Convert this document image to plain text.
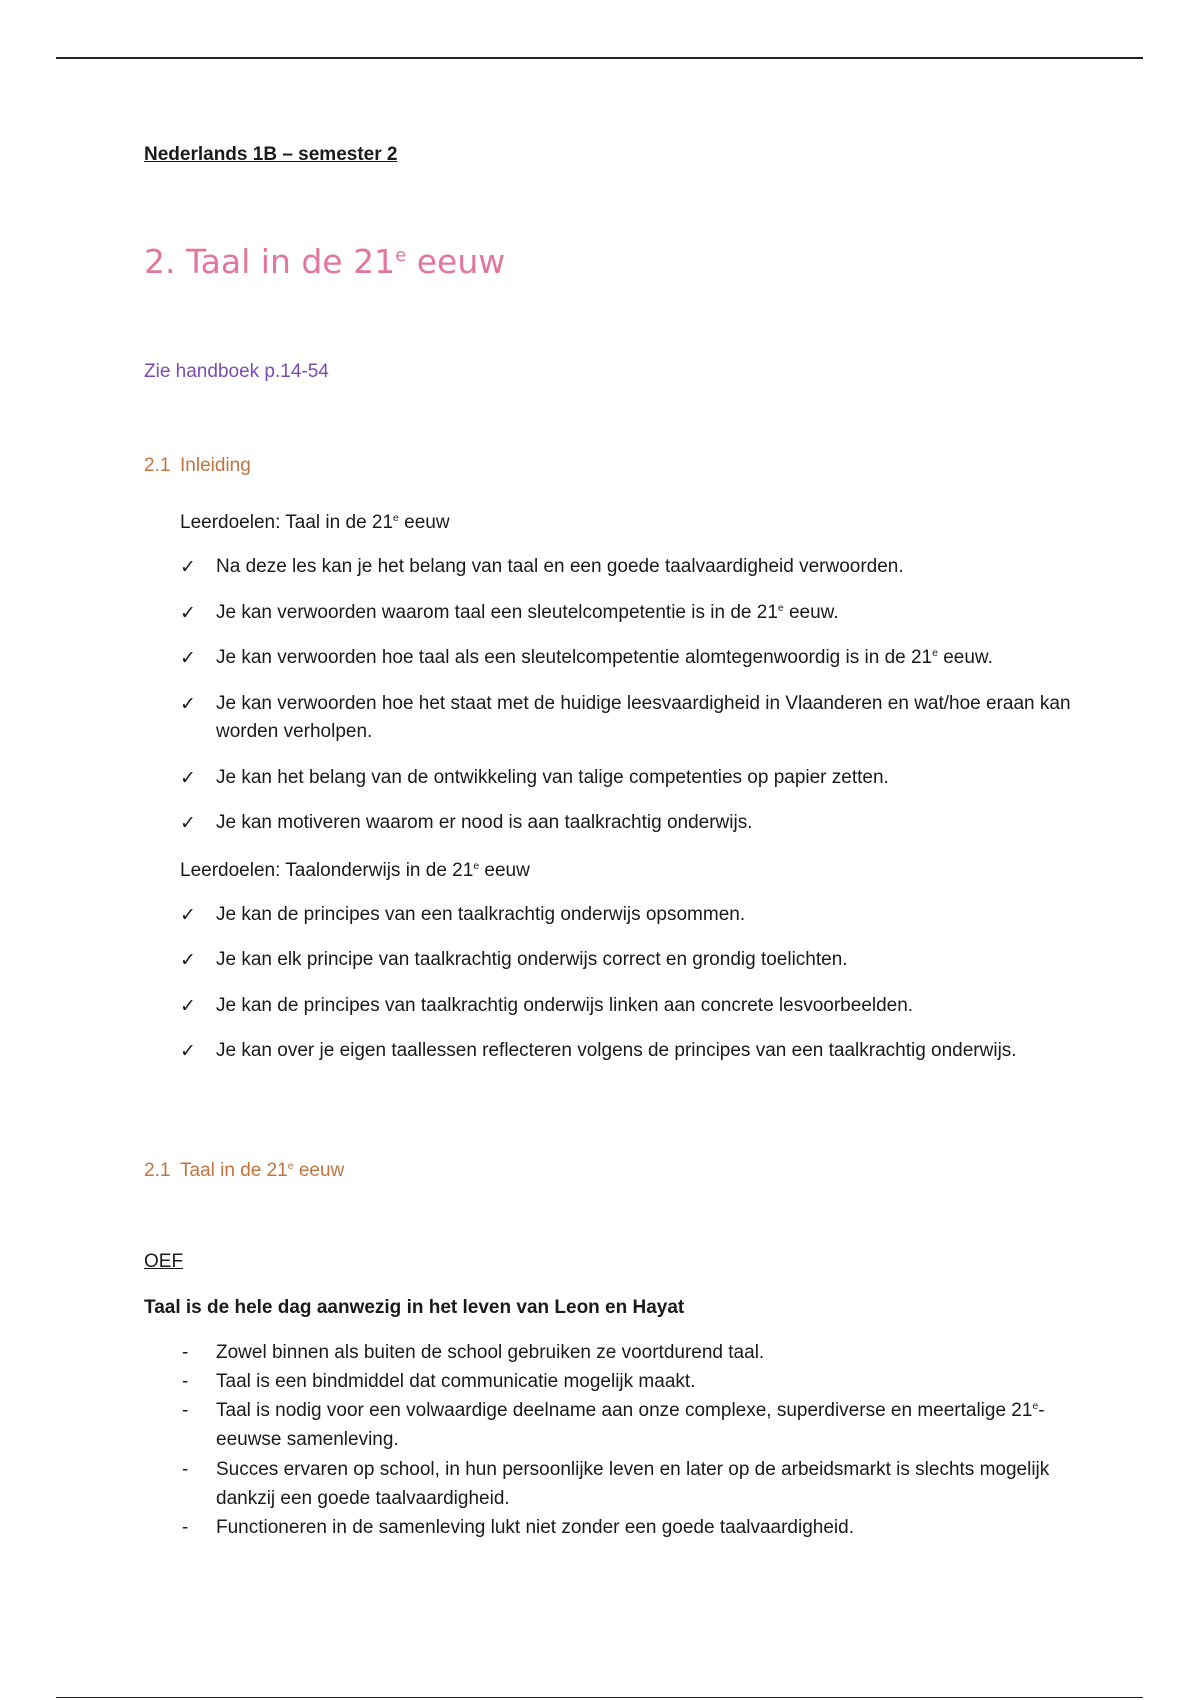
Nederlands 1B – semester 2
2. Taal in de 21e eeuw
Zie handboek p.14-54
2.1 Inleiding
Leerdoelen: Taal in de 21e eeuw
✓	Na deze les kan je het belang van taal en een goede taalvaardigheid verwoorden.
✓	Je kan verwoorden waarom taal een sleutelcompetentie is in de 21e eeuw.
✓	Je kan verwoorden hoe taal als een sleutelcompetentie alomtegenwoordig is in de 21e eeuw.
✓	Je kan verwoorden hoe het staat met de huidige leesvaardigheid in Vlaanderen en wat/hoe eraan kan worden verholpen.
✓	Je kan het belang van de ontwikkeling van talige competenties op papier zetten.
✓	Je kan motiveren waarom er nood is aan taalkrachtig onderwijs.
Leerdoelen: Taalonderwijs in de 21e eeuw
✓	Je kan de principes van een taalkrachtig onderwijs opsommen.
✓	Je kan elk principe van taalkrachtig onderwijs correct en grondig toelichten.
✓	Je kan de principes van taalkrachtig onderwijs linken aan concrete lesvoorbeelden.
✓	Je kan over je eigen taallessen reflecteren volgens de principes van een taalkrachtig onderwijs.
2.1 Taal in de 21e eeuw
OEF
Taal is de hele dag aanwezig in het leven van Leon en Hayat
- Zowel binnen als buiten de school gebruiken ze voortdurend taal.
- Taal is een bindmiddel dat communicatie mogelijk maakt.
- Taal is nodig voor een volwaardige deelname aan onze complexe, superdiverse en meertalige 21e-eeuwse samenleving.
- Succes ervaren op school, in hun persoonlijke leven en later op de arbeidsmarkt is slechts mogelijk dankzij een goede taalvaardigheid.
- Functioneren in de samenleving lukt niet zonder een goede taalvaardigheid.
